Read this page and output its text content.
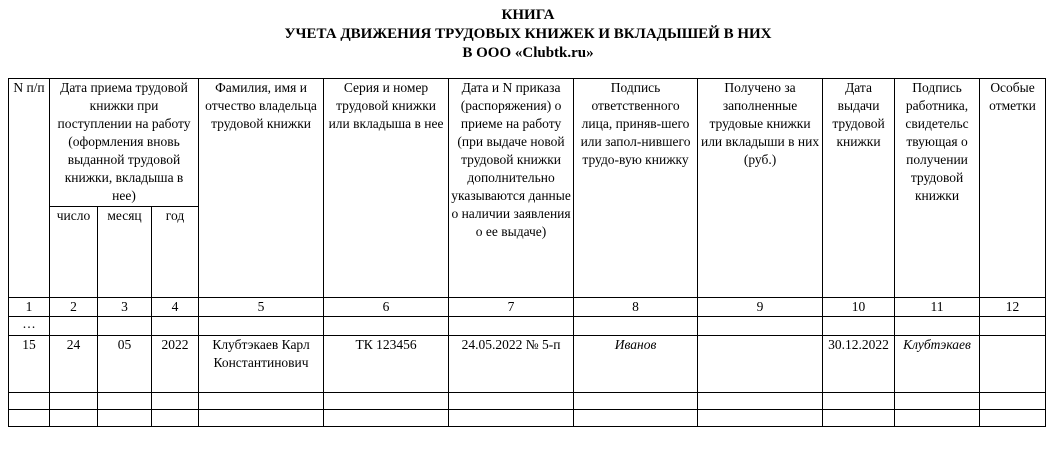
КНИГА
УЧЕТА ДВИЖЕНИЯ ТРУДОВЫХ КНИЖЕК И ВКЛАДЫШЕЙ В НИХ
В ООО «Clubtk.ru»
N п/п	Дата приема трудовой книжки при поступлении на работу (оформления вновь выданной трудовой книжки, вкладыша в нее)			Фамилия, имя и отчество владельца трудовой книжки	Серия и номер трудовой книжки или вкладыша в нее	Дата и N приказа (распоряжения) о приеме на работу (при выдаче новой трудовой книжки дополнительно указываются данные о наличии заявления о ее выдаче)	Подпись ответственного лица, приняв-шего или запол-нившего трудо-вую книжку	Получено за заполненные трудовые книжки или вкладыши в них (руб.)	Дата выдачи трудовой книжки	Подпись работника, свидетельс твующая о получении трудовой книжки	Особые отметки
	число	месяц	год								
1	2	3	4	5	6	7	8	9	10	11	12
…											
15	24	05	2022	Клубтэкаев Карл Константинович	ТК 123456	24.05.2022 № 5-п	Иванов		30.12.2022	Клубтэкаев	
